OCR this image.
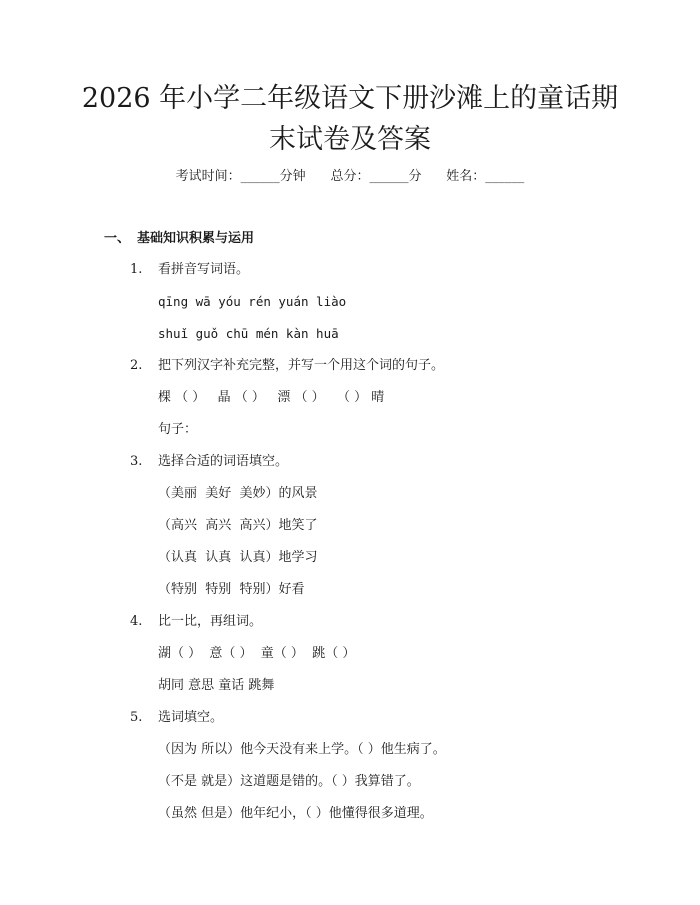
2026 年小学二年级语文下册沙滩上的童话期
末试卷及答案
考试时间：______分钟 总分：______分 姓名：______
一、 基础知识积累与运用
1. 看拼音写词语。
qīng wā yóu rén yuán liào
shuǐ guǒ chū mén kàn huā
2. 把下列汉字补充完整，并写一个用这个词的句子。
棵 （ ）   晶 （ ）   漂 （ ）   （ ） 晴
句子：
3. 选择合适的词语填空。
（美丽  美好  美妙）的风景
（高兴  高兴  高兴）地笑了
（认真  认真  认真）地学习
（特别  特别  特别）好看
4. 比一比，再组词。
湖（ ）  意（ ）  童（ ）  跳（ ）
胡同 意思 童话 跳舞
5. 选词填空。
（因为 所以）他今天没有来上学。（ ）他生病了。
（不是 就是）这道题是错的。（ ）我算错了。
（虽然 但是）他年纪小，（ ）他懂得很多道理。
